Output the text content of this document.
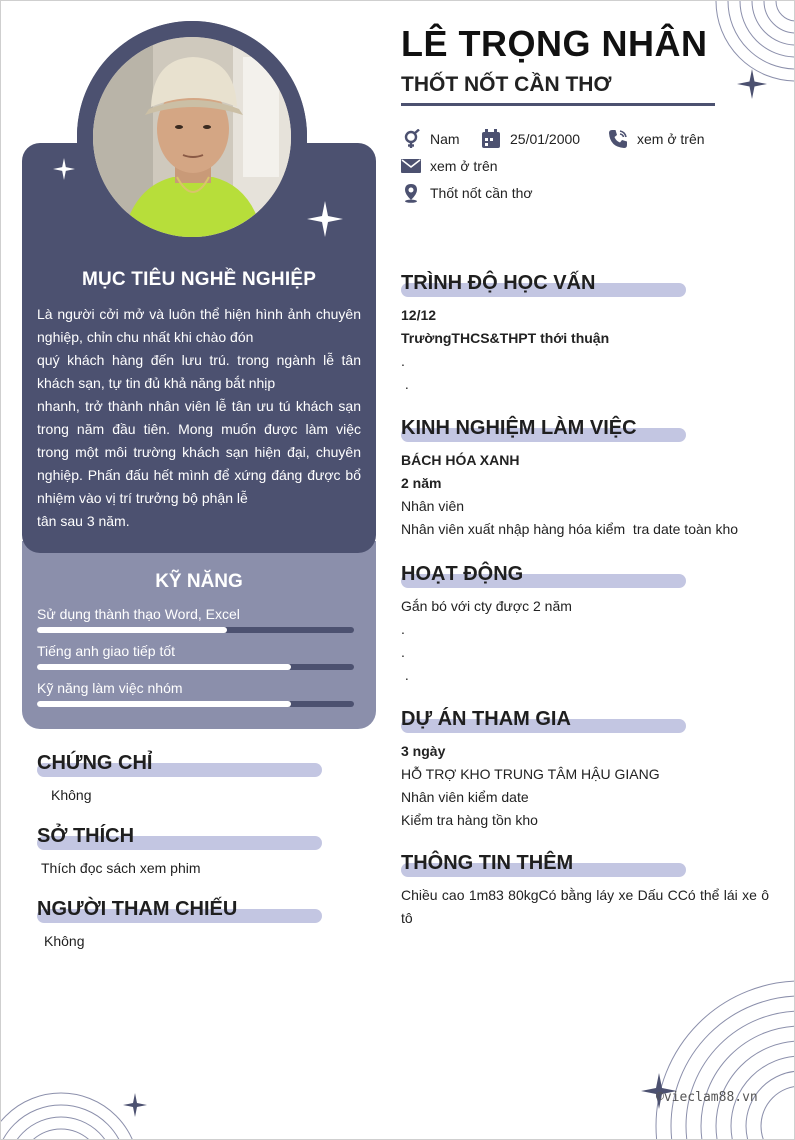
MỤC TIÊU NGHỀ NGHIỆP

Là người cởi mở và luôn thể hiện hình ảnh chuyên nghiệp, chỉn chu nhất khi chào đón

quý khách hàng đến lưu trú. trong ngành lễ tân khách sạn, tự tin đủ khả năng bắt nhịp

nhanh, trở thành nhân viên lễ tân ưu tú khách sạn trong năm đầu tiên. Mong muốn được làm việc trong một môi trường khách sạn hiện đại, chuyên nghiệp. Phấn đấu hết mình để xứng đáng được bổ nhiệm vào vị trí trưởng bộ phận lễ

tân sau 3 năm.

KỸ NĂNG
Sử dụng thành thạo Word, Excel
Tiếng anh giao tiếp tốt
Kỹ năng làm việc nhóm
CHỨNG CHỈ
Không
SỞ THÍCH
Thích đọc sách xem phim
NGƯỜI THAM CHIẾU
Không
LÊ TRỌNG NHÂN
THỐT NỐT CẦN THƠ
Nam	25/01/2000	xem ở trên
xem ở trên
Thốt nốt cần thơ
TRÌNH ĐỘ HỌC VẤN
12/12
TrườngTHCS&THPT thới thuận
.
.
KINH NGHIỆM LÀM VIỆC
BÁCH HÓA XANH
2 năm
Nhân viên
Nhân viên xuất nhập hàng hóa kiểm  tra date toàn kho
HOẠT ĐỘNG
Gắn bó với cty được 2 năm
.
.
.
DỰ ÁN THAM GIA
3 ngày
HỖ TRỢ KHO TRUNG TÂM HẬU GIANG
Nhân viên kiểm date
Kiểm tra hàng tồn kho
THÔNG TIN THÊM
Chiều cao 1m83 80kgCó bằng láy xe Dấu CCó thể lái xe ô tô
©vieclam88.vn
